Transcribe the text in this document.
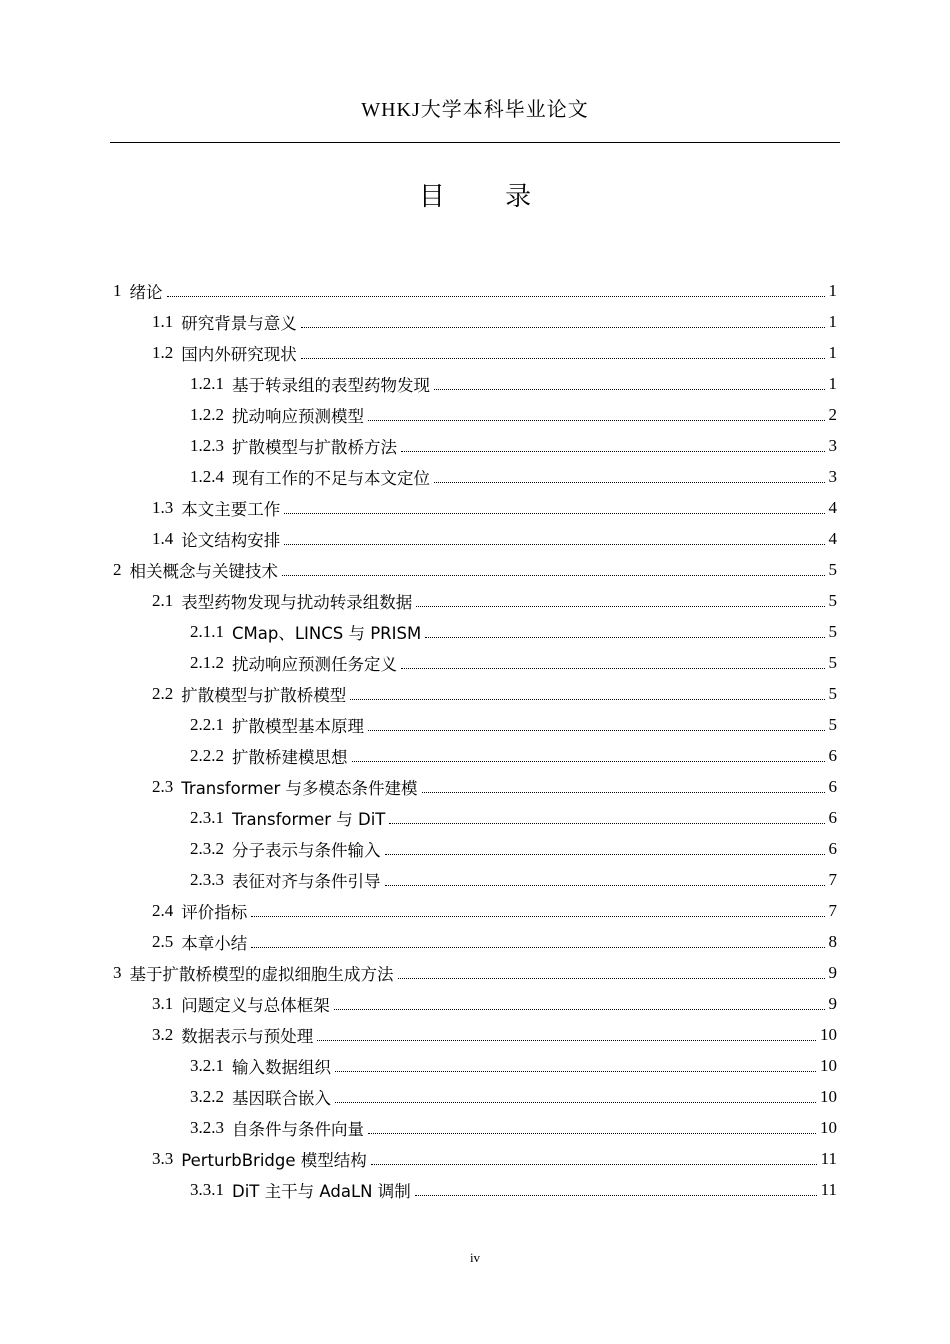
WHKJ大学本科毕业论文
目 录
1 绪论	1
1.1 研究背景与意义	1
1.2 国内外研究现状	1
1.2.1 基于转录组的表型药物发现	1
1.2.2 扰动响应预测模型	2
1.2.3 扩散模型与扩散桥方法	3
1.2.4 现有工作的不足与本文定位	3
1.3 本文主要工作	4
1.4 论文结构安排	4
2 相关概念与关键技术	5
2.1 表型药物发现与扰动转录组数据	5
2.1.1 CMap、LINCS 与 PRISM	5
2.1.2 扰动响应预测任务定义	5
2.2 扩散模型与扩散桥模型	5
2.2.1 扩散模型基本原理	5
2.2.2 扩散桥建模思想	6
2.3 Transformer 与多模态条件建模	6
2.3.1 Transformer 与 DiT	6
2.3.2 分子表示与条件输入	6
2.3.3 表征对齐与条件引导	7
2.4 评价指标	7
2.5 本章小结	8
3 基于扩散桥模型的虚拟细胞生成方法	9
3.1 问题定义与总体框架	9
3.2 数据表示与预处理	10
3.2.1 输入数据组织	10
3.2.2 基因联合嵌入	10
3.2.3 自条件与条件向量	10
3.3 PerturbBridge 模型结构	11
3.3.1 DiT 主干与 AdaLN 调制	11
iv
